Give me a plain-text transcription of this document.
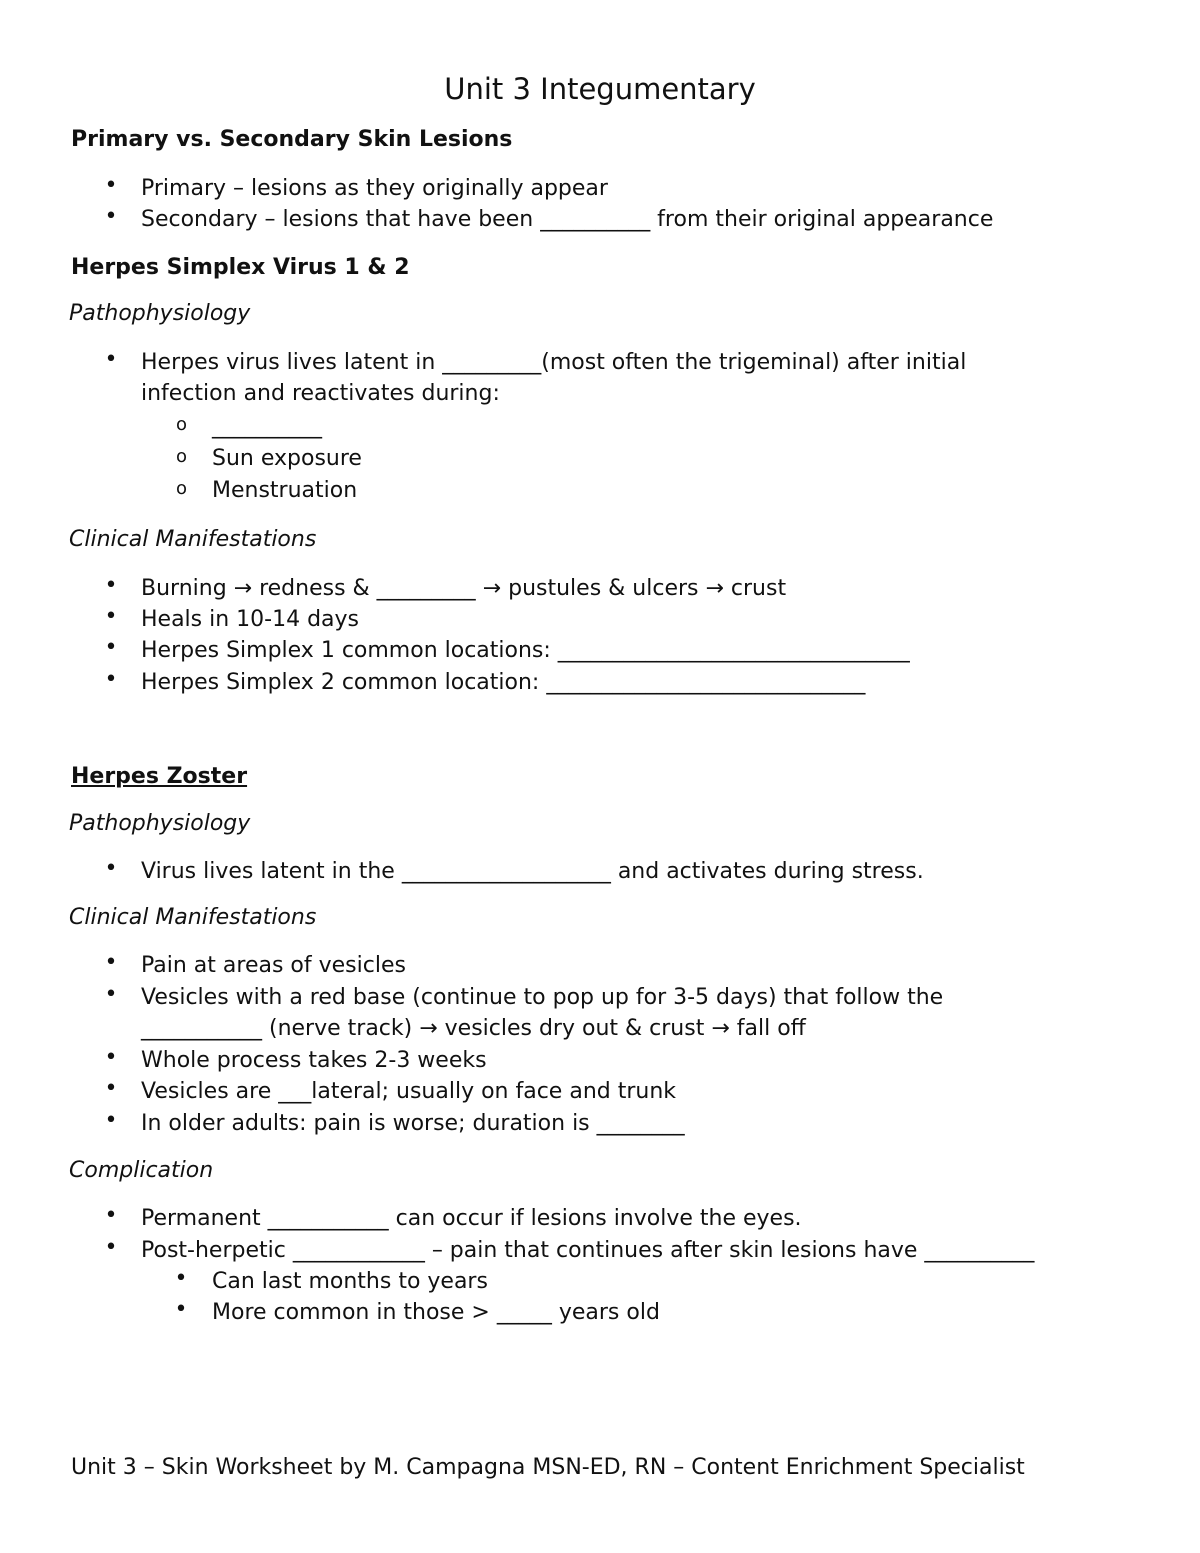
Unit 3 Integumentary
Primary vs. Secondary Skin Lesions
• Primary – lesions as they originally appear
• Secondary – lesions that have been __________ from their original appearance
Herpes Simplex Virus 1 & 2
Pathophysiology
• Herpes virus lives latent in _________(most often the trigeminal) after initial
infection and reactivates during:
o __________
o Sun exposure
o Menstruation
Clinical Manifestations
• Burning → redness & _________ → pustules & ulcers → crust
• Heals in 10-14 days
• Herpes Simplex 1 common locations: ________________________________
• Herpes Simplex 2 common location: _____________________________
Herpes Zoster
Pathophysiology
• Virus lives latent in the ___________________ and activates during stress.
Clinical Manifestations
• Pain at areas of vesicles
• Vesicles with a red base (continue to pop up for 3-5 days) that follow the
___________ (nerve track) → vesicles dry out & crust → fall off
• Whole process takes 2-3 weeks
• Vesicles are ___lateral; usually on face and trunk
• In older adults: pain is worse; duration is ________
Complication
• Permanent ___________ can occur if lesions involve the eyes.
• Post-herpetic ____________ – pain that continues after skin lesions have __________
• Can last months to years
• More common in those > _____ years old
Unit 3 – Skin Worksheet by M. Campagna MSN-ED, RN – Content Enrichment Specialist
